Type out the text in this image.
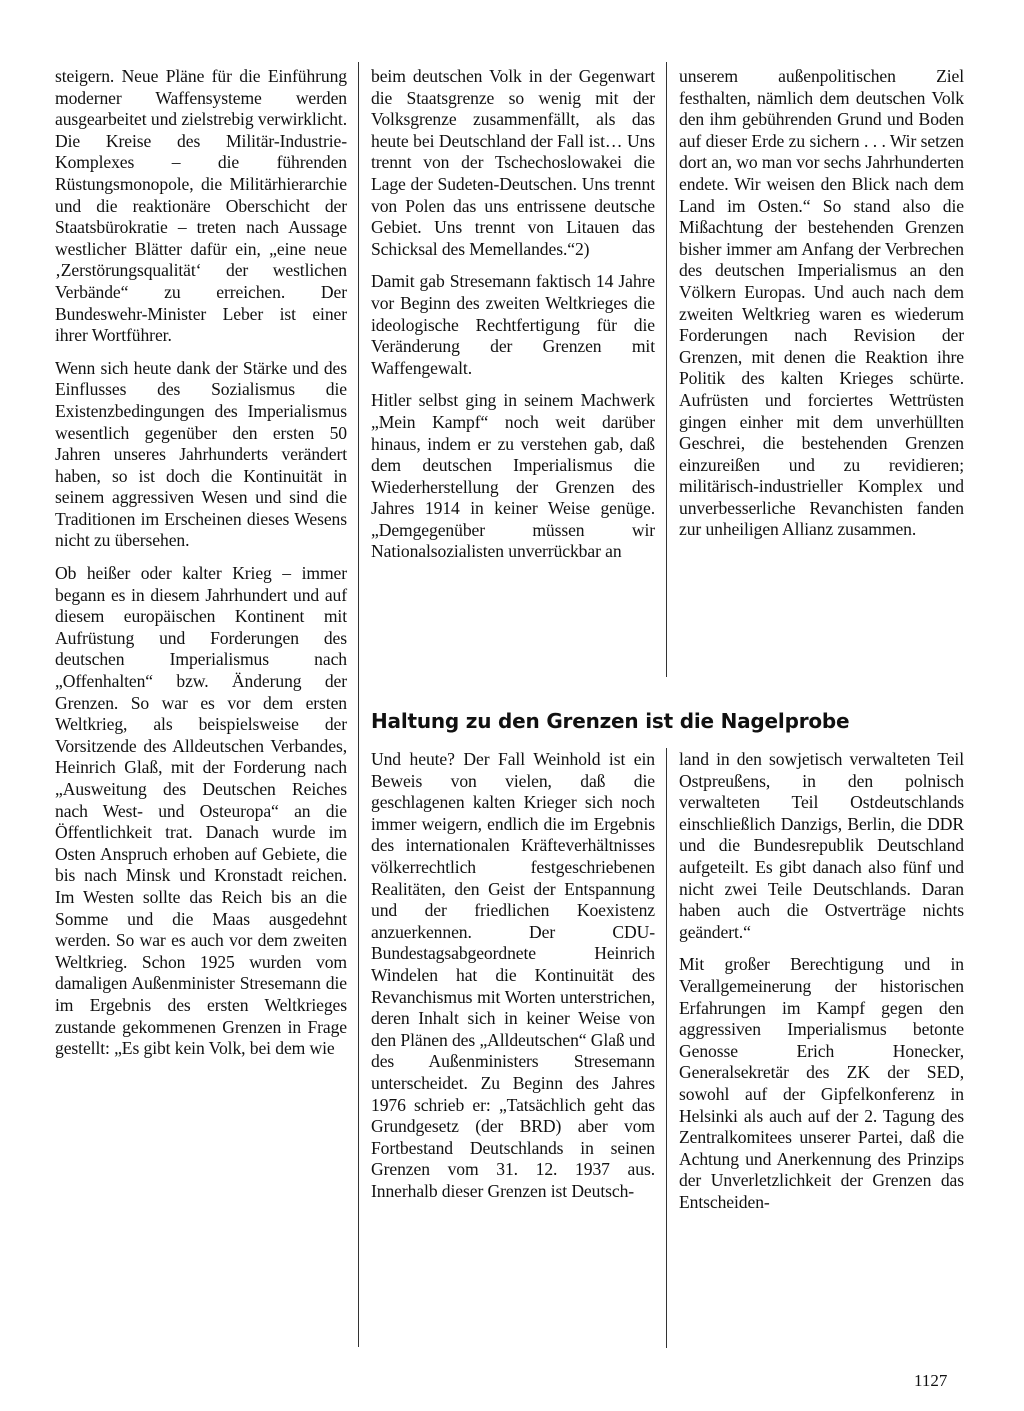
steigern. Neue Pläne für die Einführung moderner Waffensysteme werden ausgearbeitet und zielstrebig verwirklicht. Die Kreise des Militär-Industrie-Komplexes – die führenden Rüstungsmonopole, die Militärhierarchie und die reaktionäre Oberschicht der Staatsbürokratie – treten nach Aussage westlicher Blätter dafür ein, „eine neue ‚Zerstörungsqualität‘ der westlichen Verbände“ zu erreichen. Der Bundeswehr-Minister Leber ist einer ihrer Wortführer.

Wenn sich heute dank der Stärke und des Einflusses des Sozialismus die Existenzbedingungen des Imperialismus wesentlich gegenüber den ersten 50 Jahren unseres Jahrhunderts verändert haben, so ist doch die Kontinuität in seinem aggressiven Wesen und sind die Traditionen im Erscheinen dieses Wesens nicht zu übersehen.

Ob heißer oder kalter Krieg – immer begann es in diesem Jahrhundert und auf diesem europäischen Kontinent mit Aufrüstung und Forderungen des deutschen Imperialismus nach „Offenhalten“ bzw. Änderung der Grenzen. So war es vor dem ersten Weltkrieg, als beispielsweise der Vorsitzende des Alldeutschen Verbandes, Heinrich Glaß, mit der Forderung nach „Ausweitung des Deutschen Reiches nach West- und Osteuropa“ an die Öffentlichkeit trat. Danach wurde im Osten Anspruch erhoben auf Gebiete, die bis nach Minsk und Kronstadt reichen. Im Westen sollte das Reich bis an die Somme und die Maas ausgedehnt werden. So war es auch vor dem zweiten Weltkrieg. Schon 1925 wurden vom damaligen Außenminister Stresemann die im Ergebnis des ersten Weltkrieges zustande gekommenen Grenzen in Frage gestellt: „Es gibt kein Volk, bei dem wie

beim deutschen Volk in der Gegenwart die Staatsgrenze so wenig mit der Volksgrenze zusammenfällt, als das heute bei Deutschland der Fall ist… Uns trennt von der Tschechoslowakei die Lage der Sudeten-Deutschen. Uns trennt von Polen das uns entrissene deutsche Gebiet. Uns trennt von Litauen das Schicksal des Memellandes.“2)

Damit gab Stresemann faktisch 14 Jahre vor Beginn des zweiten Weltkrieges die ideologische Rechtfertigung für die Veränderung der Grenzen mit Waffengewalt.

Hitler selbst ging in seinem Machwerk „Mein Kampf“ noch weit darüber hinaus, indem er zu verstehen gab, daß dem deutschen Imperialismus die Wiederherstellung der Grenzen des Jahres 1914 in keiner Weise genüge. „Demgegenüber müssen wir Nationalsozialisten unverrückbar an

unserem außenpolitischen Ziel festhalten, nämlich dem deutschen Volk den ihm gebührenden Grund und Boden auf dieser Erde zu sichern . . . Wir setzen dort an, wo man vor sechs Jahrhunderten endete. Wir weisen den Blick nach dem Land im Osten.“ So stand also die Mißachtung der bestehenden Grenzen bisher immer am Anfang der Verbrechen des deutschen Imperialismus an den Völkern Europas. Und auch nach dem zweiten Weltkrieg waren es wiederum Forderungen nach Revision der Grenzen, mit denen die Reaktion ihre Politik des kalten Krieges schürte. Aufrüsten und forciertes Wettrüsten gingen einher mit dem unverhüllten Geschrei, die bestehenden Grenzen einzureißen und zu revidieren; militärisch-industrieller Komplex und unverbesserliche Revanchisten fanden zur unheiligen Allianz zusammen.

Haltung zu den Grenzen ist die Nagelprobe

Und heute? Der Fall Weinhold ist ein Beweis von vielen, daß die geschlagenen kalten Krieger sich noch immer weigern, endlich die im Ergebnis des internationalen Kräfteverhältnisses völkerrechtlich festgeschriebenen Realitäten, den Geist der Entspannung und der friedlichen Koexistenz anzuerkennen. Der CDU-Bundestagsabgeordnete Heinrich Windelen hat die Kontinuität des Revanchismus mit Worten unterstrichen, deren Inhalt sich in keiner Weise von den Plänen des „Alldeutschen“ Glaß und des Außenministers Stresemann unterscheidet. Zu Beginn des Jahres 1976 schrieb er: „Tatsächlich geht das Grundgesetz (der BRD) aber vom Fortbestand Deutschlands in seinen Grenzen vom 31. 12. 1937 aus. Innerhalb dieser Grenzen ist Deutsch-

land in den sowjetisch verwalteten Teil Ostpreußens, in den polnisch verwalteten Teil Ostdeutschlands einschließlich Danzigs, Berlin, die DDR und die Bundesrepublik Deutschland aufgeteilt. Es gibt danach also fünf und nicht zwei Teile Deutschlands. Daran haben auch die Ostverträge nichts geändert.“

Mit großer Berechtigung und in Verallgemeinerung der historischen Erfahrungen im Kampf gegen den aggressiven Imperialismus betonte Genosse Erich Honecker, Generalsekretär des ZK der SED, sowohl auf der Gipfelkonferenz in Helsinki als auch auf der 2. Tagung des Zentralkomitees unserer Partei, daß die Achtung und Anerkennung des Prinzips der Unverletzlichkeit der Grenzen das Entscheiden-

1127
